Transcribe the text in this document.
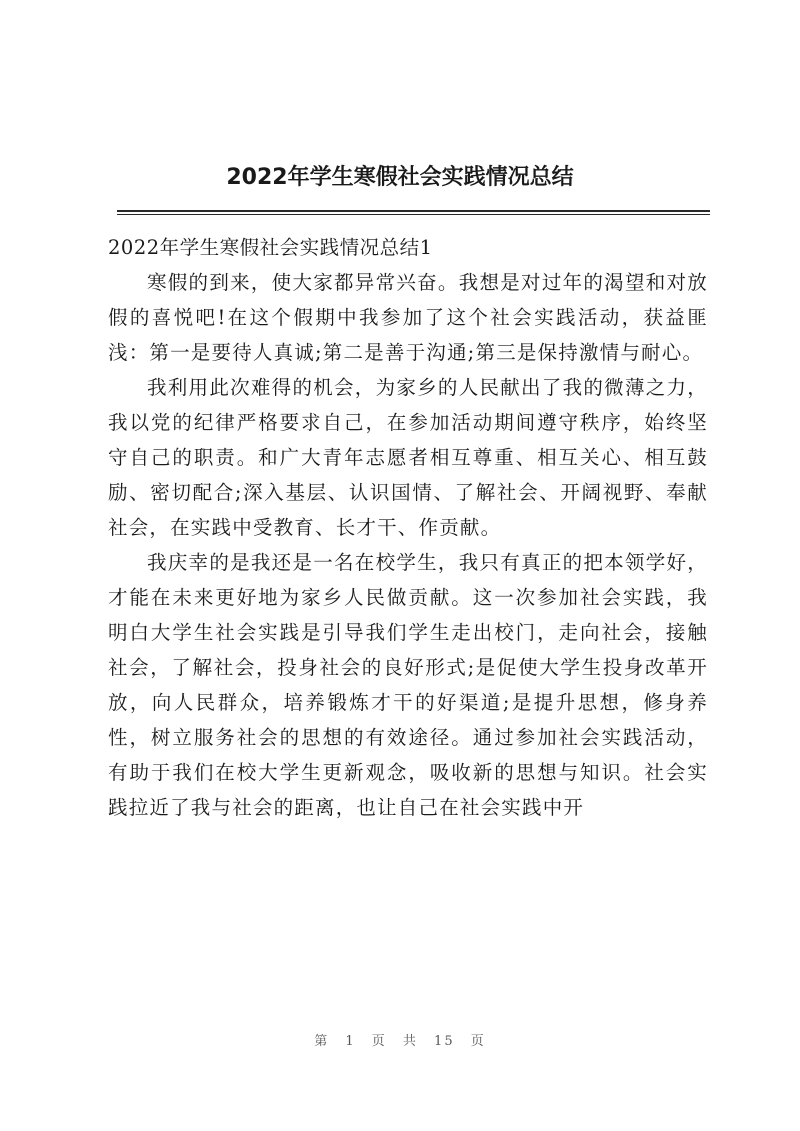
2022年学生寒假社会实践情况总结
2022年学生寒假社会实践情况总结1

寒假的到来，使大家都异常兴奋。我想是对过年的渴望和对放假的喜悦吧!在这个假期中我参加了这个社会实践活动，获益匪浅：第一是要待人真诚;第二是善于沟通;第三是保持激情与耐心。

我利用此次难得的机会，为家乡的人民献出了我的微薄之力，我以党的纪律严格要求自己，在参加活动期间遵守秩序，始终坚守自己的职责。和广大青年志愿者相互尊重、相互关心、相互鼓励、密切配合;深入基层、认识国情、了解社会、开阔视野、奉献社会，在实践中受教育、长才干、作贡献。

我庆幸的是我还是一名在校学生，我只有真正的把本领学好，才能在未来更好地为家乡人民做贡献。这一次参加社会实践，我明白大学生社会实践是引导我们学生走出校门，走向社会，接触社会，了解社会，投身社会的良好形式;是促使大学生投身改革开放，向人民群众，培养锻炼才干的好渠道;是提升思想，修身养性，树立服务社会的思想的有效途径。通过参加社会实践活动，有助于我们在校大学生更新观念，吸收新的思想与知识。社会实践拉近了我与社会的距离，也让自己在社会实践中开

第 1 页 共 15 页
